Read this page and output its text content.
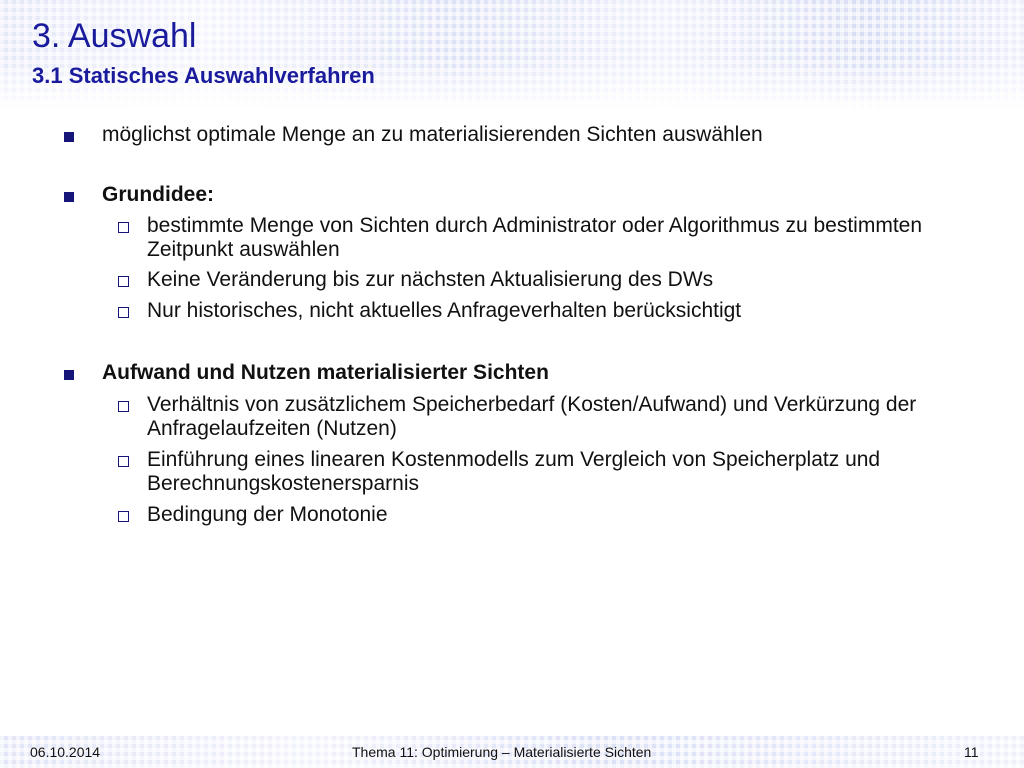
3. Auswahl
3.1 Statisches Auswahlverfahren
möglichst optimale Menge an zu materialisierenden Sichten auswählen
Grundidee:
bestimmte Menge von Sichten durch Administrator oder Algorithmus zu bestimmten Zeitpunkt auswählen
Keine Veränderung bis zur nächsten Aktualisierung des DWs
Nur historisches, nicht aktuelles Anfrageverhalten berücksichtigt
Aufwand und Nutzen materialisierter Sichten
Verhältnis von zusätzlichem Speicherbedarf (Kosten/Aufwand) und Verkürzung der Anfragelaufzeiten (Nutzen)
Einführung eines linearen Kostenmodells zum Vergleich von Speicherplatz und Berechnungskostenersparnis
Bedingung der Monotonie
06.10.2014	Thema 11: Optimierung – Materialisierte Sichten	11
